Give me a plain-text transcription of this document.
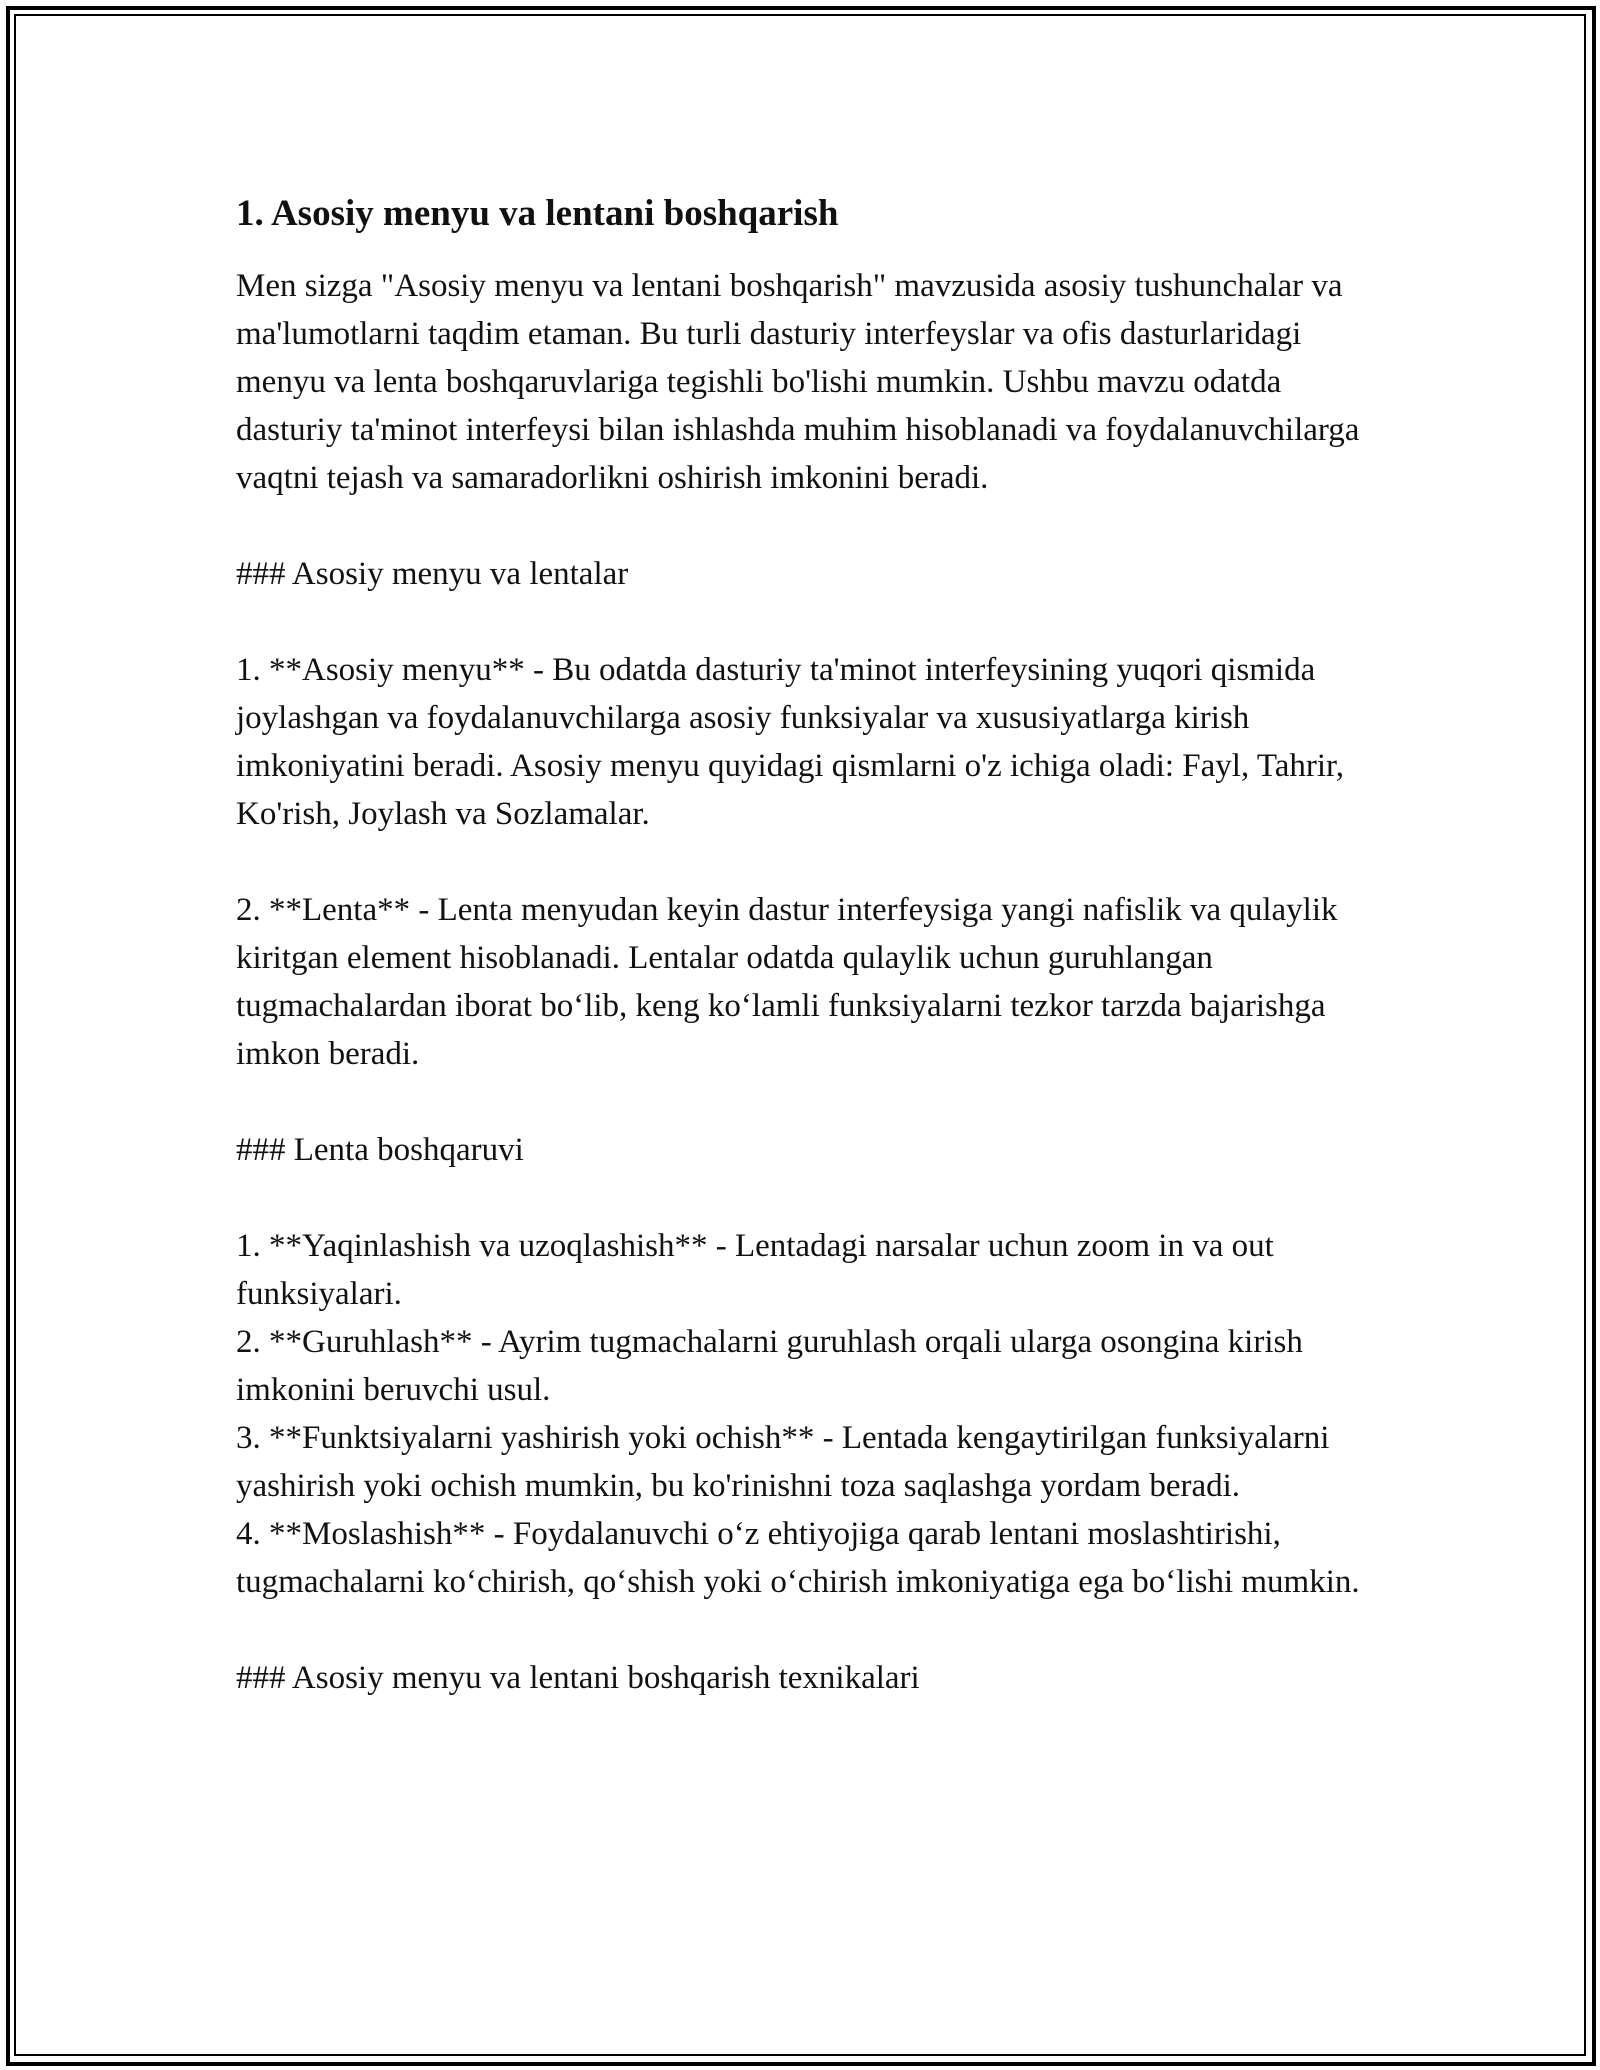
1. Asosiy menyu va lentani boshqarish

Men sizga "Asosiy menyu va lentani boshqarish" mavzusida asosiy tushunchalar va ma'lumotlarni taqdim etaman. Bu turli dasturiy interfeyslar va ofis dasturlaridagi menyu va lenta boshqaruvlariga tegishli bo'lishi mumkin. Ushbu mavzu odatda dasturiy ta'minot interfeysi bilan ishlashda muhim hisoblanadi va foydalanuvchilarga vaqtni tejash va samaradorlikni oshirish imkonini beradi.

### Asosiy menyu va lentalar

1. **Asosiy menyu** - Bu odatda dasturiy ta'minot interfeysining yuqori qismida joylashgan va foydalanuvchilarga asosiy funksiyalar va xususiyatlarga kirish imkoniyatini beradi. Asosiy menyu quyidagi qismlarni o'z ichiga oladi: Fayl, Tahrir, Ko'rish, Joylash va Sozlamalar.

2. **Lenta** - Lenta menyudan keyin dastur interfeysiga yangi nafislik va qulaylik kiritgan element hisoblanadi. Lentalar odatda qulaylik uchun guruhlangan tugmachalardan iborat bo‘lib, keng ko‘lamli funksiyalarni tezkor tarzda bajarishga imkon beradi.

### Lenta boshqaruvi

1. **Yaqinlashish va uzoqlashish** - Lentadagi narsalar uchun zoom in va out funksiyalari.

2. **Guruhlash** - Ayrim tugmachalarni guruhlash orqali ularga osongina kirish imkonini beruvchi usul.

3. **Funktsiyalarni yashirish yoki ochish** - Lentada kengaytirilgan funksiyalarni yashirish yoki ochish mumkin, bu ko'rinishni toza saqlashga yordam beradi.

4. **Moslashish** - Foydalanuvchi o‘z ehtiyojiga qarab lentani moslashtirishi, tugmachalarni ko‘chirish, qo‘shish yoki o‘chirish imkoniyatiga ega bo‘lishi mumkin.

### Asosiy menyu va lentani boshqarish texnikalari
